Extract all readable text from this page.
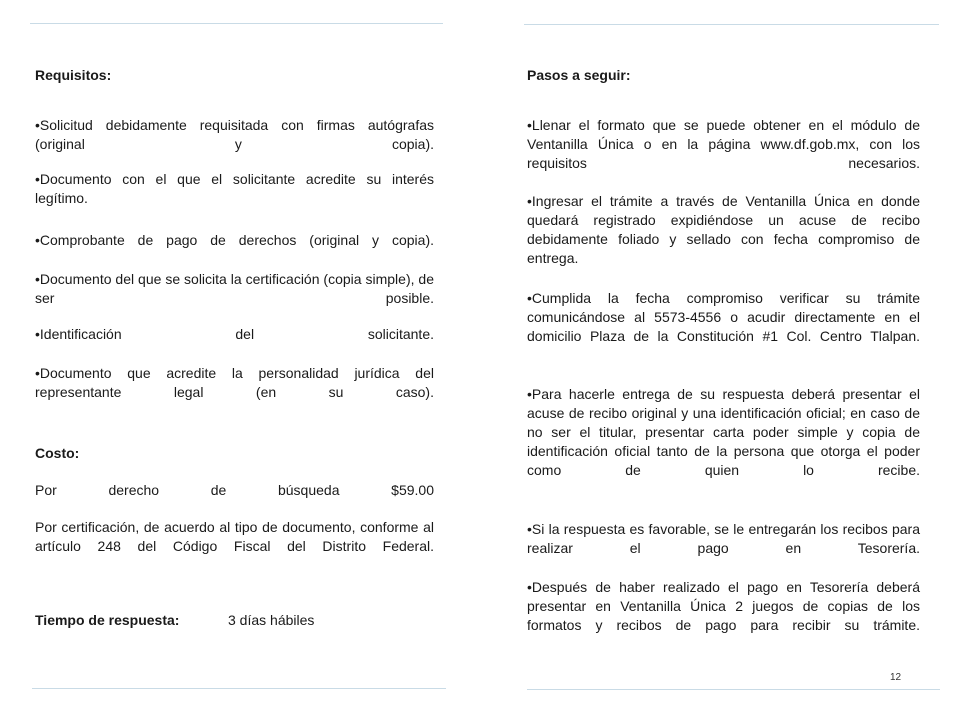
Requisitos:
•Solicitud debidamente requisitada con firmas autógrafas (original y copia).
•Documento con el que el solicitante acredite su interés legítimo.
•Comprobante de pago de derechos (original y copia).
•Documento del que se solicita la certificación (copia simple), de ser posible.
•Identificación del solicitante.
•Documento que acredite la personalidad jurídica del representante legal (en su caso).
Costo:
Por derecho de búsqueda $59.00
Por certificación, de acuerdo al tipo de documento, conforme al artículo 248 del Código Fiscal del Distrito Federal.
Tiempo de respuesta:	3 días hábiles
Pasos a seguir:
•Llenar el formato que se puede obtener en el módulo de Ventanilla Única o en la página www.df.gob.mx, con los requisitos necesarios.
•Ingresar el trámite a través de Ventanilla Única en donde quedará registrado expidiéndose un acuse de recibo debidamente foliado y sellado con fecha compromiso de entrega.
•Cumplida la fecha compromiso verificar su trámite comunicándose al 5573-4556 o acudir directamente en el domicilio Plaza de la Constitución #1 Col. Centro Tlalpan.
•Para hacerle entrega de su respuesta deberá presentar el acuse de recibo original y una identificación oficial; en caso de no ser el titular, presentar carta poder simple y copia de identificación oficial tanto de la persona que otorga el poder como de quien lo recibe.
•Si la respuesta es favorable, se le entregarán los recibos para realizar el pago en Tesorería.
•Después de haber realizado el pago en Tesorería deberá presentar en Ventanilla Única 2 juegos de copias de los formatos y recibos de pago para recibir su trámite.
12
